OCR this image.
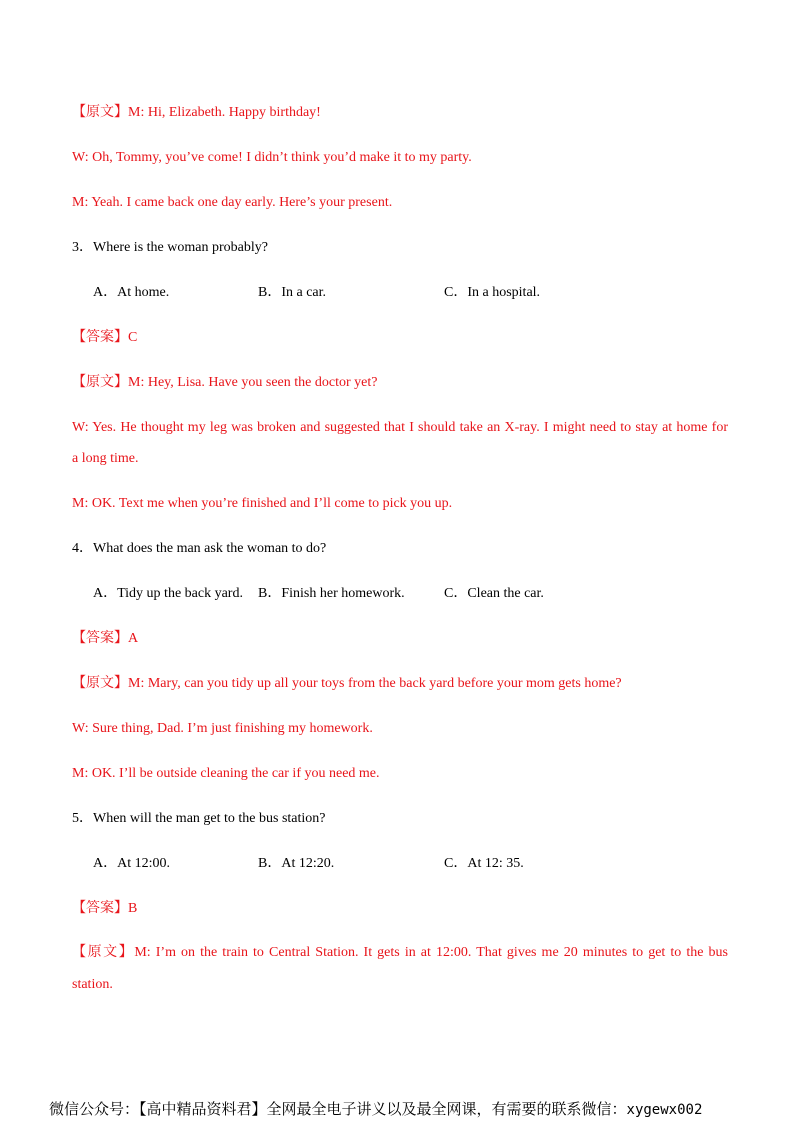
【原文】M: Hi, Elizabeth. Happy birthday!
W: Oh, Tommy, you’ve come! I didn’t think you’d make it to my party.
M: Yeah. I came back one day early. Here’s your present.
3．Where is the woman probably?
A．At home.	B．In a car.	C．In a hospital.
【答案】C
【原文】M: Hey, Lisa. Have you seen the doctor yet?
W: Yes. He thought my leg was broken and suggested that I should take an X-ray. I might need to stay at home for
a long time.
M: OK. Text me when you’re finished and I’ll come to pick you up.
4．What does the man ask the woman to do?
A．Tidy up the back yard. B．Finish her homework.	C．Clean the car.
【答案】A
【原文】M: Mary, can you tidy up all your toys from the back yard before your mom gets home?
W: Sure thing, Dad. I’m just finishing my homework.
M: OK. I’ll be outside cleaning the car if you need me.
5．When will the man get to the bus station?
A．At 12:00.	B．At 12:20.	C．At 12: 35.
【答案】B
【原文】M: I’m on the train to Central Station. It gets in at 12:00. That gives me 20 minutes to get to the bus
station.
微信公众号：【高中精品资料君】全网最全电子讲义以及最全网课，有需要的联系微信：xygewx002
